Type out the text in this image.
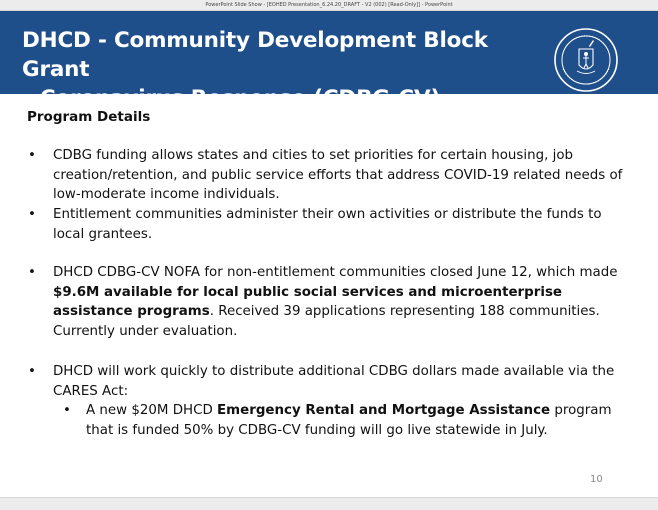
PowerPoint Slide Show - [EOHED Presentation_6.24.20_DRAFT - V2 (002) [Read-Only]] - PowerPoint
DHCD - Community Development Block Grant
– Coronavirus Response (CDBG-CV)
Program Details
• CDBG funding allows states and cities to set priorities for certain housing, job creation/retention, and public service efforts that address COVID-19 related needs of low-moderate income individuals.
• Entitlement communities administer their own activities or distribute the funds to local grantees.
• DHCD CDBG-CV NOFA for non-entitlement communities closed June 12, which made $9.6M available for local public social services and microenterprise assistance programs. Received 39 applications representing 188 communities. Currently under evaluation.
• DHCD will work quickly to distribute additional CDBG dollars made available via the CARES Act:
• A new $20M DHCD Emergency Rental and Mortgage Assistance program that is funded 50% by CDBG-CV funding will go live statewide in July.
10
